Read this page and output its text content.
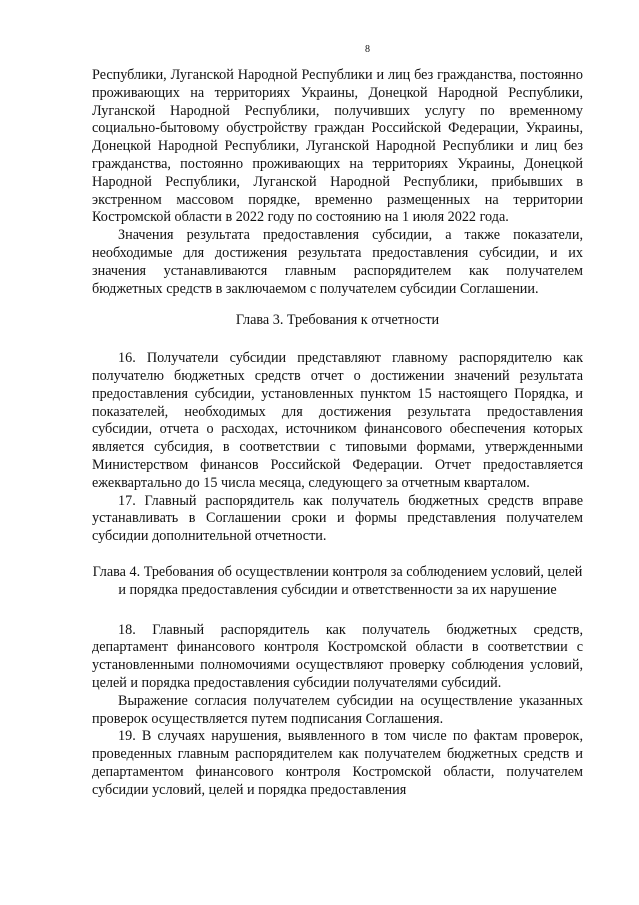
8

Республики, Луганской Народной Республики и лиц без гражданства, постоянно проживающих на территориях Украины, Донецкой Народной Республики, Луганской Народной Республики, получивших услугу по временному социально-бытовому обустройству граждан Российской Федерации, Украины, Донецкой Народной Республики, Луганской Народной Республики и лиц без гражданства, постоянно проживающих на территориях Украины, Донецкой Народной Республики, Луганской Народной Республики, прибывших в экстренном массовом порядке, временно размещенных на территории Костромской области в 2022 году по состоянию на 1 июля 2022 года.

Значения результата предоставления субсидии, а также показатели, необходимые для достижения результата предоставления субсидии, и их значения устанавливаются главным распорядителем как получателем бюджетных средств в заключаемом с получателем субсидии Соглашении.

Глава 3. Требования к отчетности

16. Получатели субсидии представляют главному распорядителю как получателю бюджетных средств отчет о достижении значений результата предоставления субсидии, установленных пунктом 15 настоящего Порядка, и показателей, необходимых для достижения результата предоставления субсидии, отчета о расходах, источником финансового обеспечения которых является субсидия, в соответствии с типовыми формами, утвержденными Министерством финансов Российской Федерации. Отчет предоставляется ежеквартально до 15 числа месяца, следующего за отчетным кварталом.

17. Главный распорядитель как получатель бюджетных средств вправе устанавливать в Соглашении сроки и формы представления получателем субсидии дополнительной отчетности.

Глава 4. Требования об осуществлении контроля за соблюдением условий, целей и порядка предоставления субсидии и ответственности за их нарушение

18. Главный распорядитель как получатель бюджетных средств, департамент финансового контроля Костромской области в соответствии с установленными полномочиями осуществляют проверку соблюдения условий, целей и порядка предоставления субсидии получателями субсидий.

Выражение согласия получателем субсидии на осуществление указанных проверок осуществляется путем подписания Соглашения.

19. В случаях нарушения, выявленного в том числе по фактам проверок, проведенных главным распорядителем как получателем бюджетных средств и департаментом финансового контроля Костромской области, получателем субсидии условий, целей и порядка предоставления
